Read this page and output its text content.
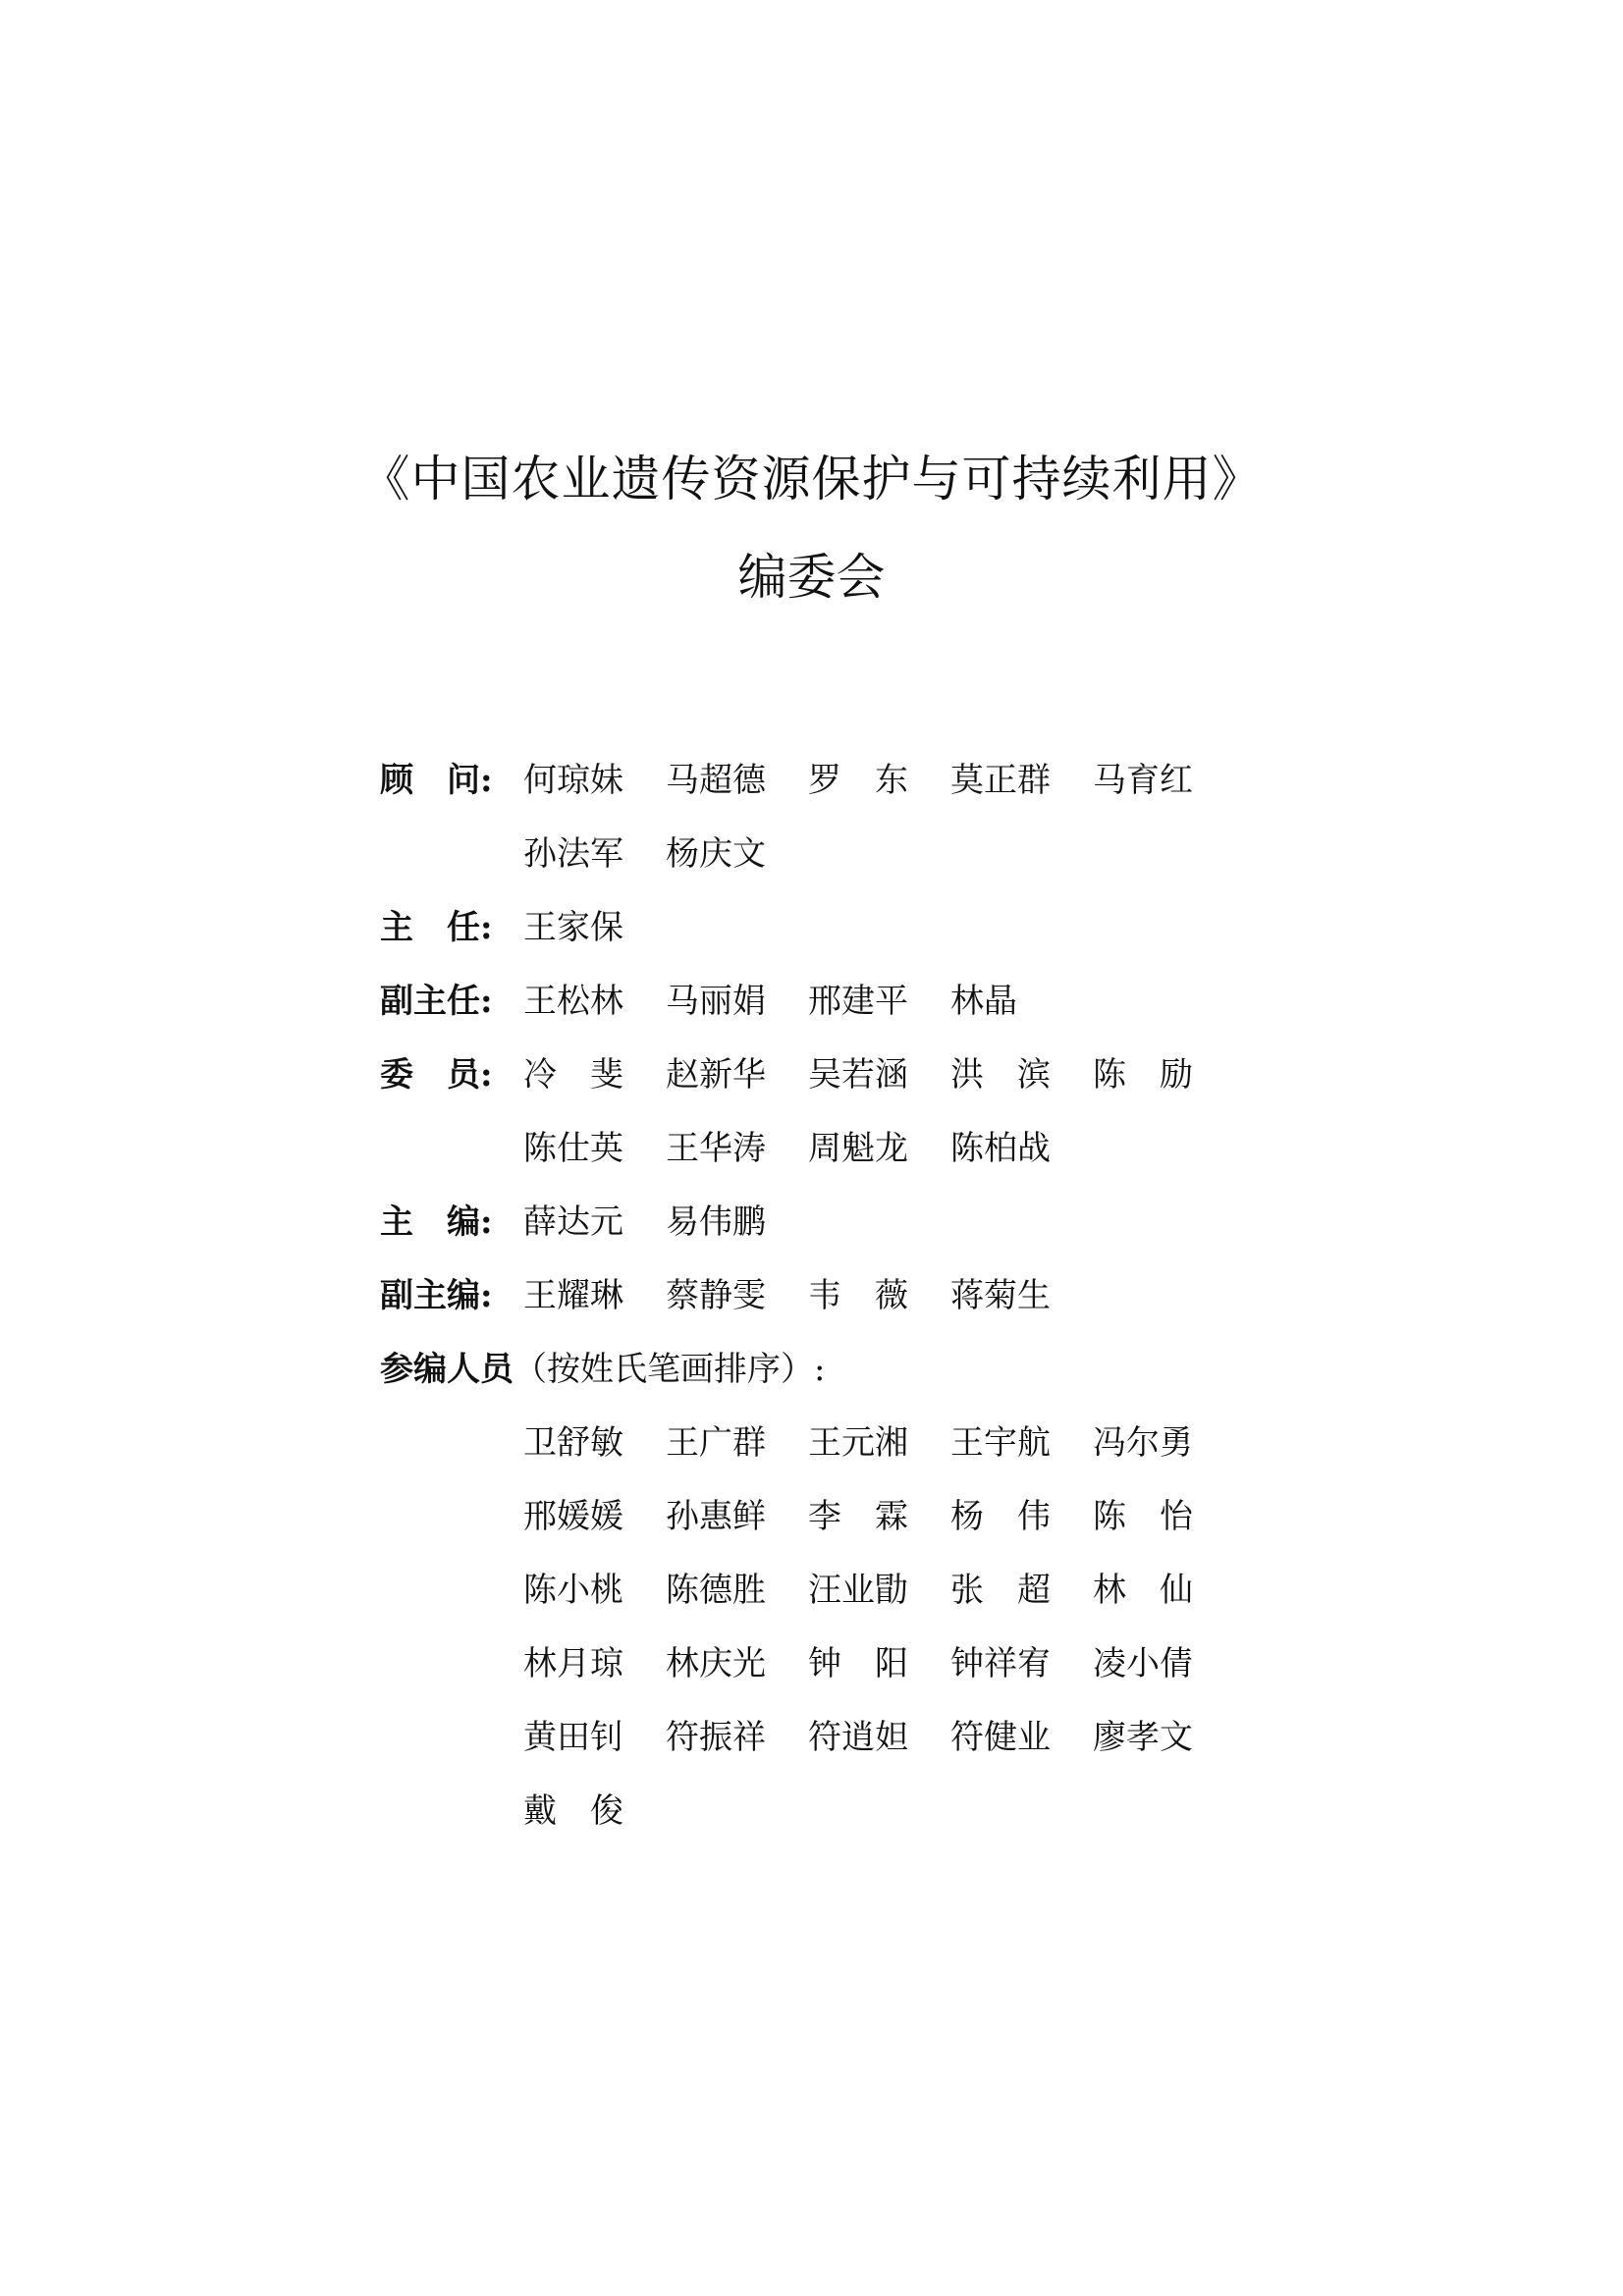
《中国农业遗传资源保护与可持续利用》
编委会
顾　问: 何琼妹	马超德	罗　东	莫正群	马育红
孙法军	杨庆文
主　任: 王家保
副主任: 王松林	马丽娟	邢建平	林晶
委　员: 冷　斐	赵新华	吴若涵	洪　滨	陈　励
陈仕英	王华涛	周魁龙	陈柏战
主　编: 薛达元	易伟鹏
副主编: 王耀琳	蔡静雯	韦　薇	蒋菊生
参编人员（按姓氏笔画排序）:
卫舒敏	王广群	王元湘	王宇航	冯尔勇
邢媛媛	孙惠鲜	李　霖	杨　伟	陈　怡
陈小桃	陈德胜	汪业勖	张　超	林　仙
林月琼	林庆光	钟　阳	钟祥宥	凌小倩
黄田钊	符振祥	符逍妲	符健业	廖孝文
戴　俊
